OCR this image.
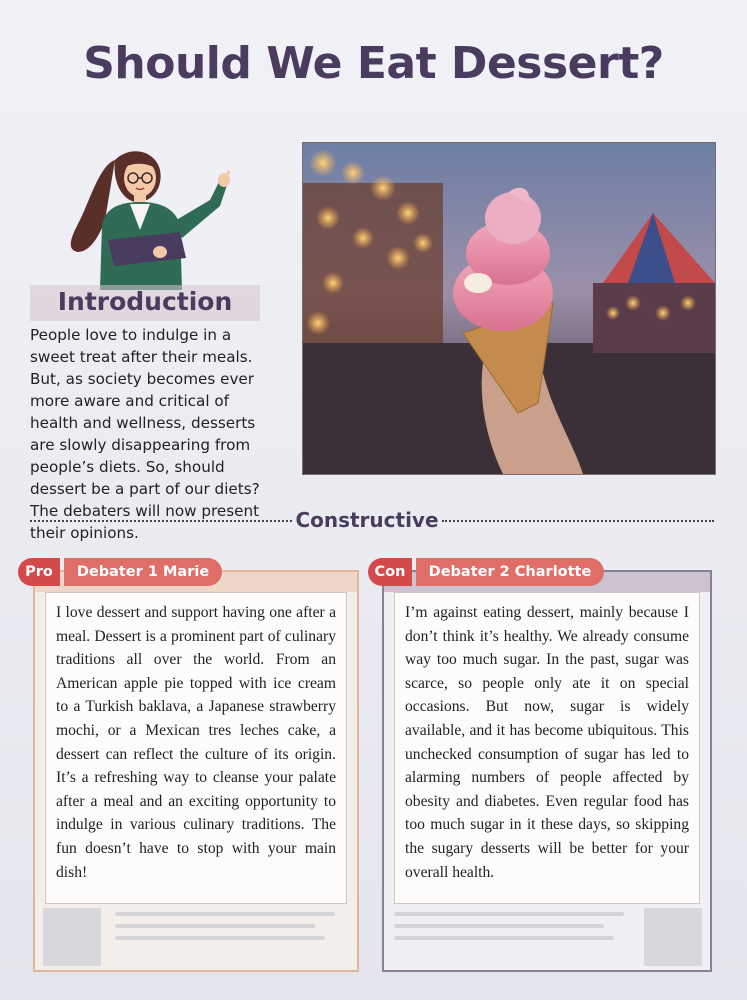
Should We Eat Dessert?
Introduction
People love to indulge in a sweet treat after their meals. But, as society becomes ever more aware and critical of health and wellness, desserts are slowly disappearing from people’s diets. So, should dessert be a part of our diets? The debaters will now present their opinions.
Constructive
I love dessert and support having one after a meal. Dessert is a prominent part of culinary traditions all over the world. From an American apple pie topped with ice cream to a Turkish baklava, a Japanese strawberry mochi, or a Mexican tres leches cake, a dessert can reflect the culture of its origin. It’s a refreshing way to cleanse your palate after a meal and an exciting opportunity to indulge in various culinary traditions. The fun doesn’t have to stop with your main dish!
I’m against eating dessert, mainly because I don’t think it’s healthy. We already consume way too much sugar. In the past, sugar was scarce, so people only ate it on special occasions. But now, sugar is widely available, and it has become ubiquitous. This unchecked consumption of sugar has led to alarming numbers of people affected by obesity and diabetes. Even regular food has too much sugar in it these days, so skipping the sugary desserts will be better for your overall health.
Pro	Debater 1 Marie	Con	Debater 2 Charlotte
